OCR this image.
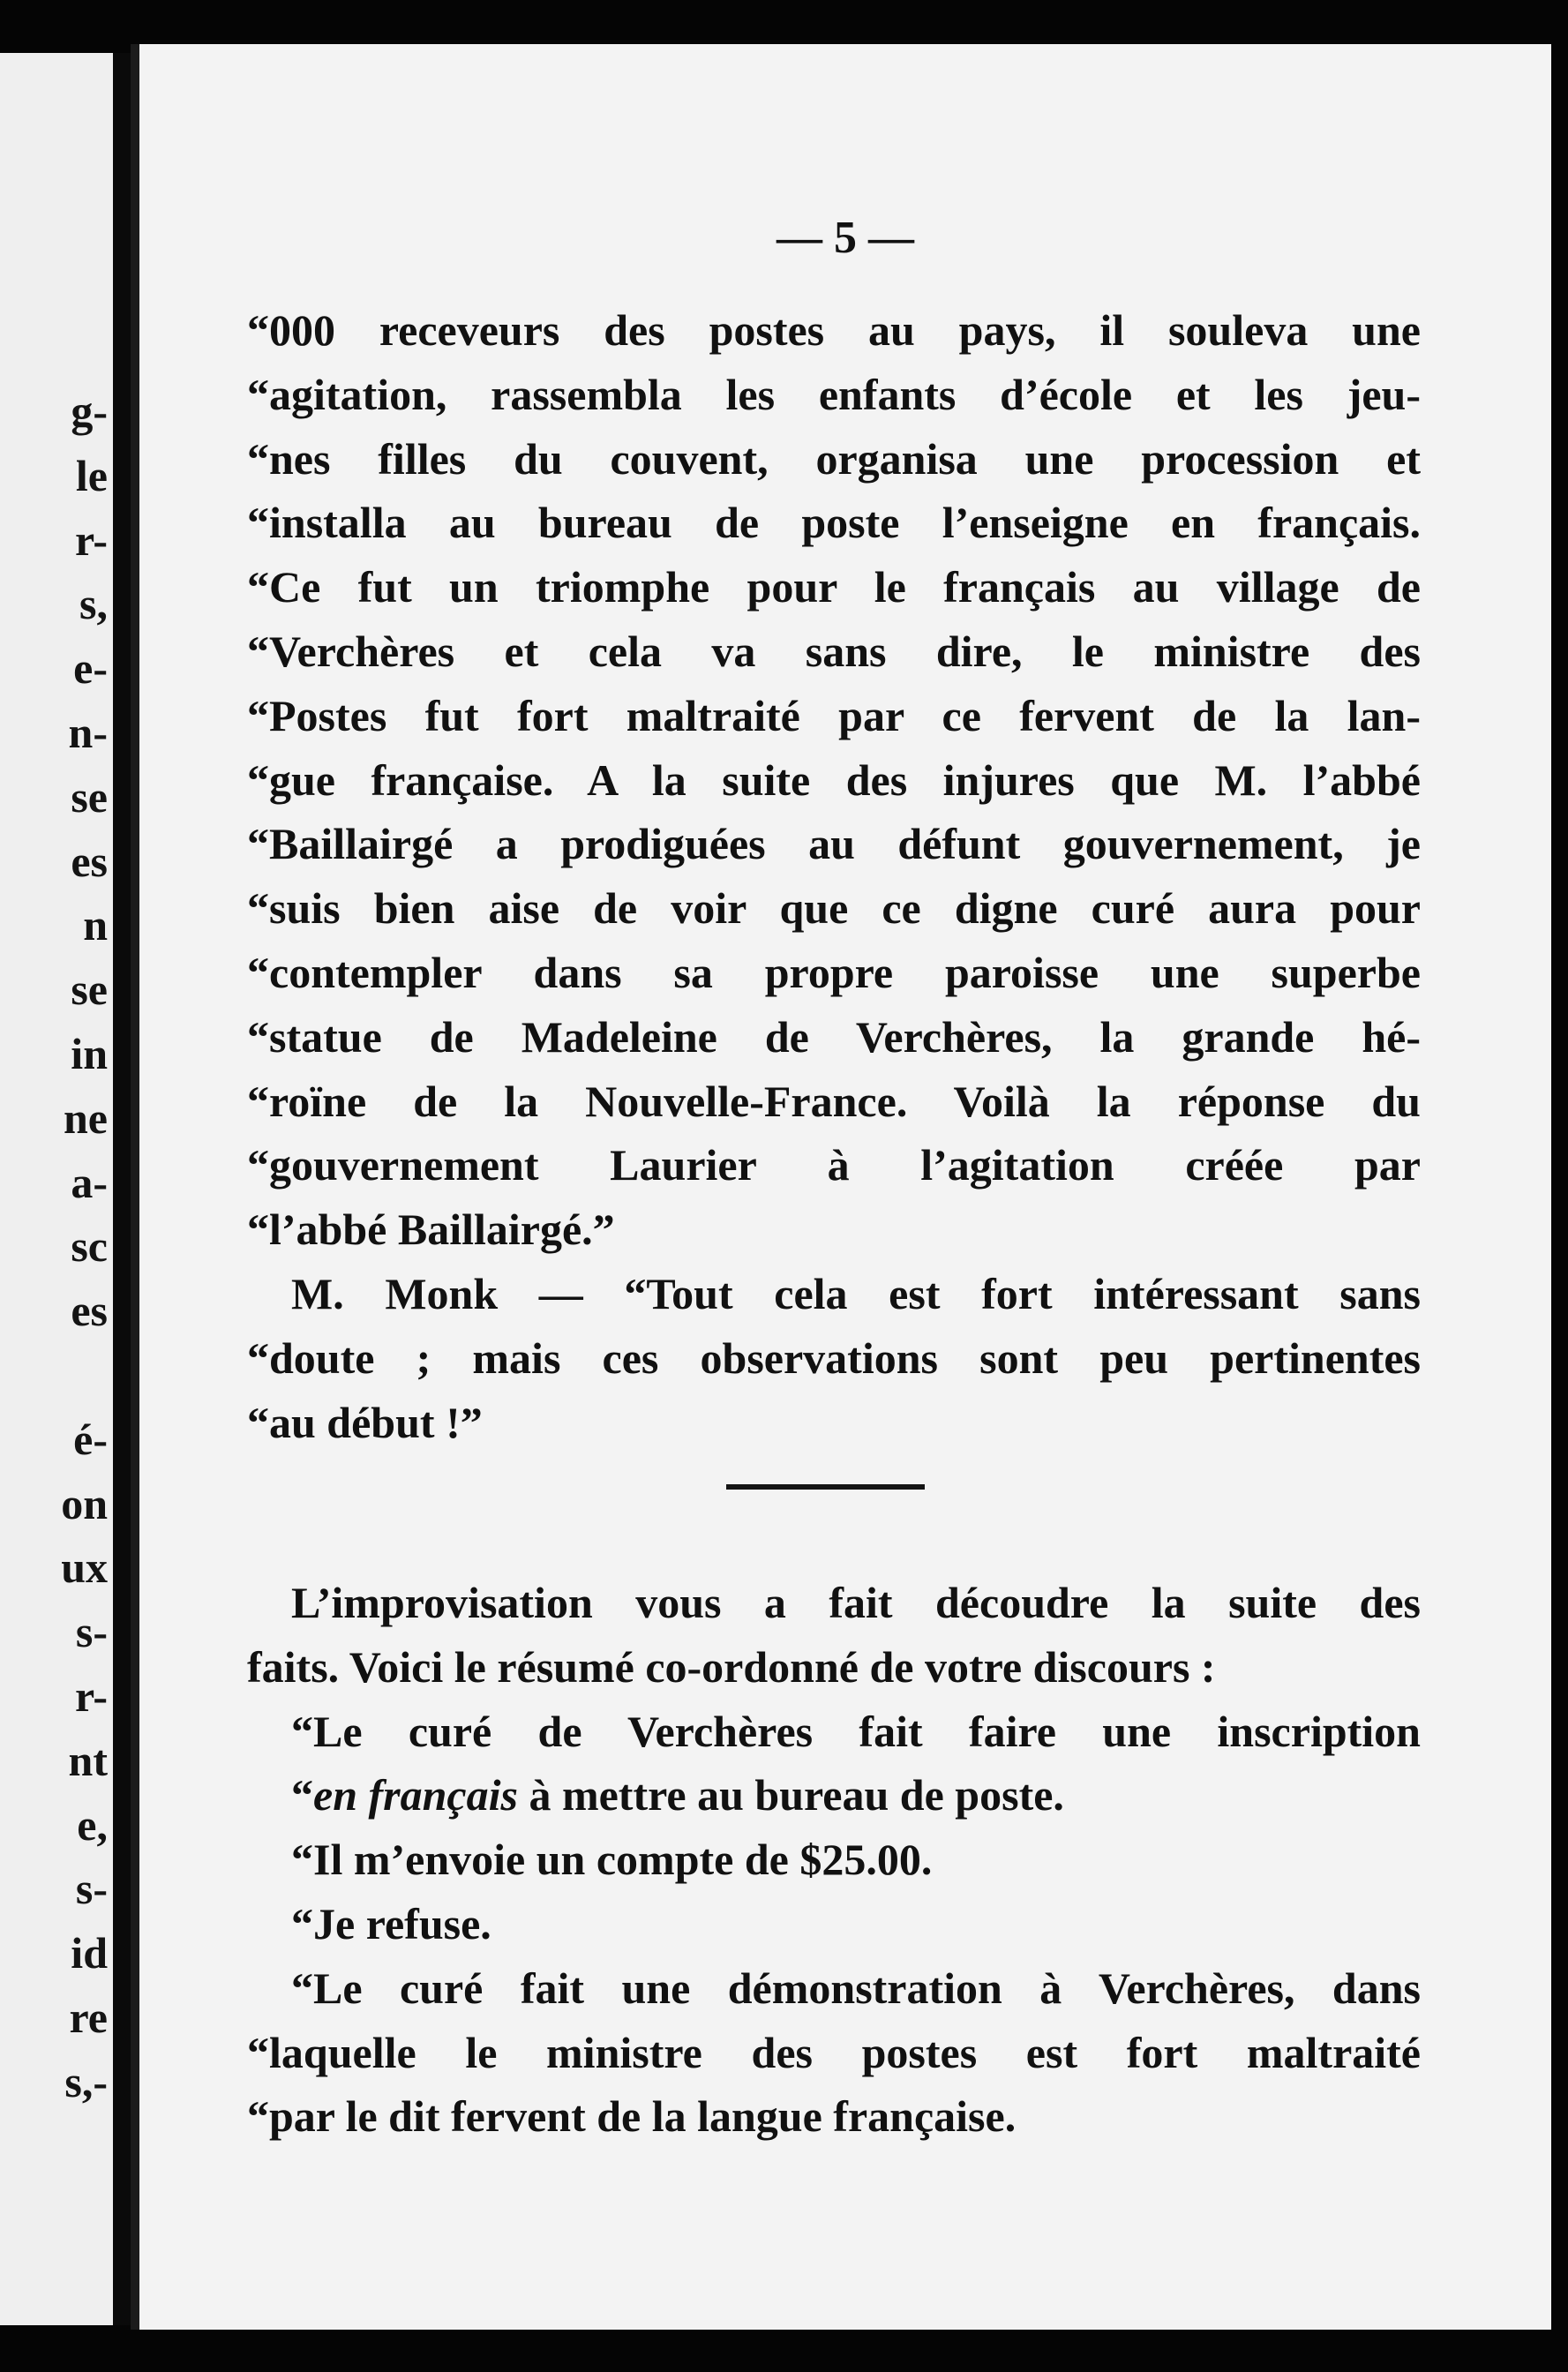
g-
le
r-
s,
e-
n-
se
es
n
se
in
ne
a-
sc
es
é-
on
ux
s-
r-
nt
e,
s-
id
re
s,-
— 5 —
“000 receveurs des postes au pays, il souleva une
“agitation, rassembla les enfants d’école et les jeu-
“nes filles du couvent, organisa une procession et
“installa au bureau de poste l’enseigne en français.
“Ce fut un triomphe pour le français au village de
“Verchères et cela va sans dire, le ministre des
“Postes fut fort maltraité par ce fervent de la lan-
“gue française. A la suite des injures que M. l’abbé
“Baillairgé a prodiguées au défunt gouvernement, je
“suis bien aise de voir que ce digne curé aura pour
“contempler dans sa propre paroisse une superbe
“statue de Madeleine de Verchères, la grande hé-
“roïne de la Nouvelle-France. Voilà la réponse du
“gouvernement Laurier à l’agitation créée par
“l’abbé Baillairgé.”
M. Monk — “Tout cela est fort intéressant sans
“doute ; mais ces observations sont peu pertinentes
“au début !”
L’improvisation vous a fait découdre la suite des
faits. Voici le résumé co-ordonné de votre discours :
“Le curé de Verchères fait faire une inscription
“en français à mettre au bureau de poste.
“Il m’envoie un compte de $25.00.
“Je refuse.
“Le curé fait une démonstration à Verchères, dans
“laquelle le ministre des postes est fort maltraité
“par le dit fervent de la langue française.
